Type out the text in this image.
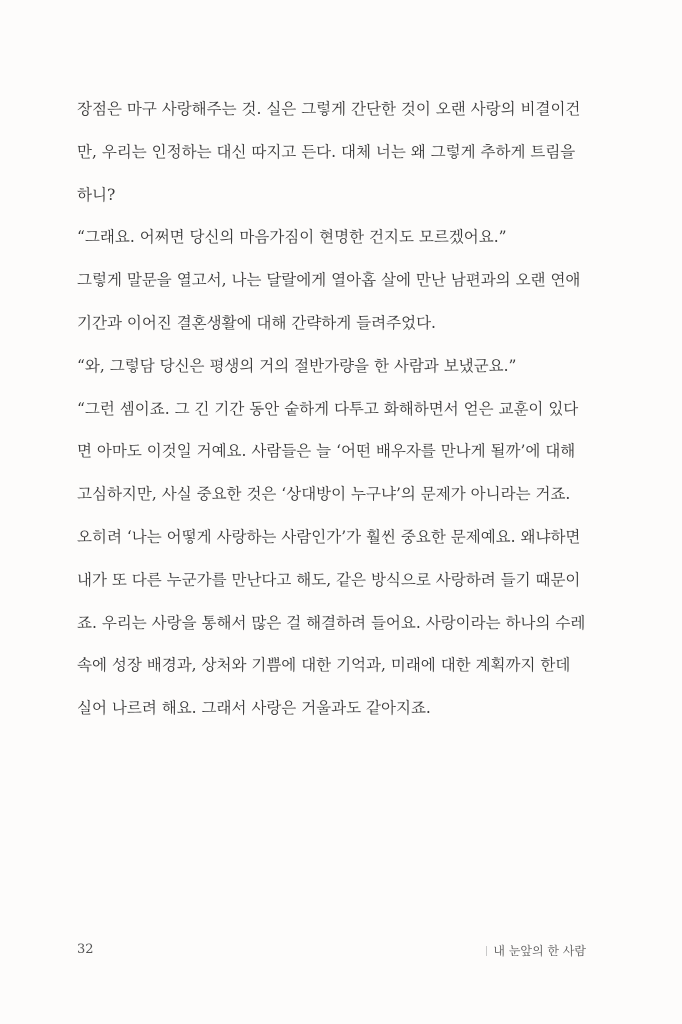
장점은 마구 사랑해주는 것. 실은 그렇게 간단한 것이 오랜 사랑의 비결이건만, 우리는 인정하는 대신 따지고 든다. 대체 너는 왜 그렇게 추하게 트림을 하니?

“그래요. 어쩌면 당신의 마음가짐이 현명한 건지도 모르겠어요.”

그렇게 말문을 열고서, 나는 달랄에게 열아홉 살에 만난 남편과의 오랜 연애 기간과 이어진 결혼생활에 대해 간략하게 들려주었다.

“와, 그렇담 당신은 평생의 거의 절반가량을 한 사람과 보냈군요.”

“그런 셈이죠. 그 긴 기간 동안 숱하게 다투고 화해하면서 얻은 교훈이 있다면 아마도 이것일 거예요. 사람들은 늘 ‘어떤 배우자를 만나게 될까’에 대해 고심하지만, 사실 중요한 것은 ‘상대방이 누구냐’의 문제가 아니라는 거죠. 오히려 ‘나는 어떻게 사랑하는 사람인가’가 훨씬 중요한 문제예요. 왜냐하면 내가 또 다른 누군가를 만난다고 해도, 같은 방식으로 사랑하려 들기 때문이죠. 우리는 사랑을 통해서 많은 걸 해결하려 들어요. 사랑이라는 하나의 수레 속에 성장 배경과, 상처와 기쁨에 대한 기억과, 미래에 대한 계획까지 한데 실어 나르려 해요. 그래서 사랑은 거울과도 같아지죠.

32	내 눈앞의 한 사람
